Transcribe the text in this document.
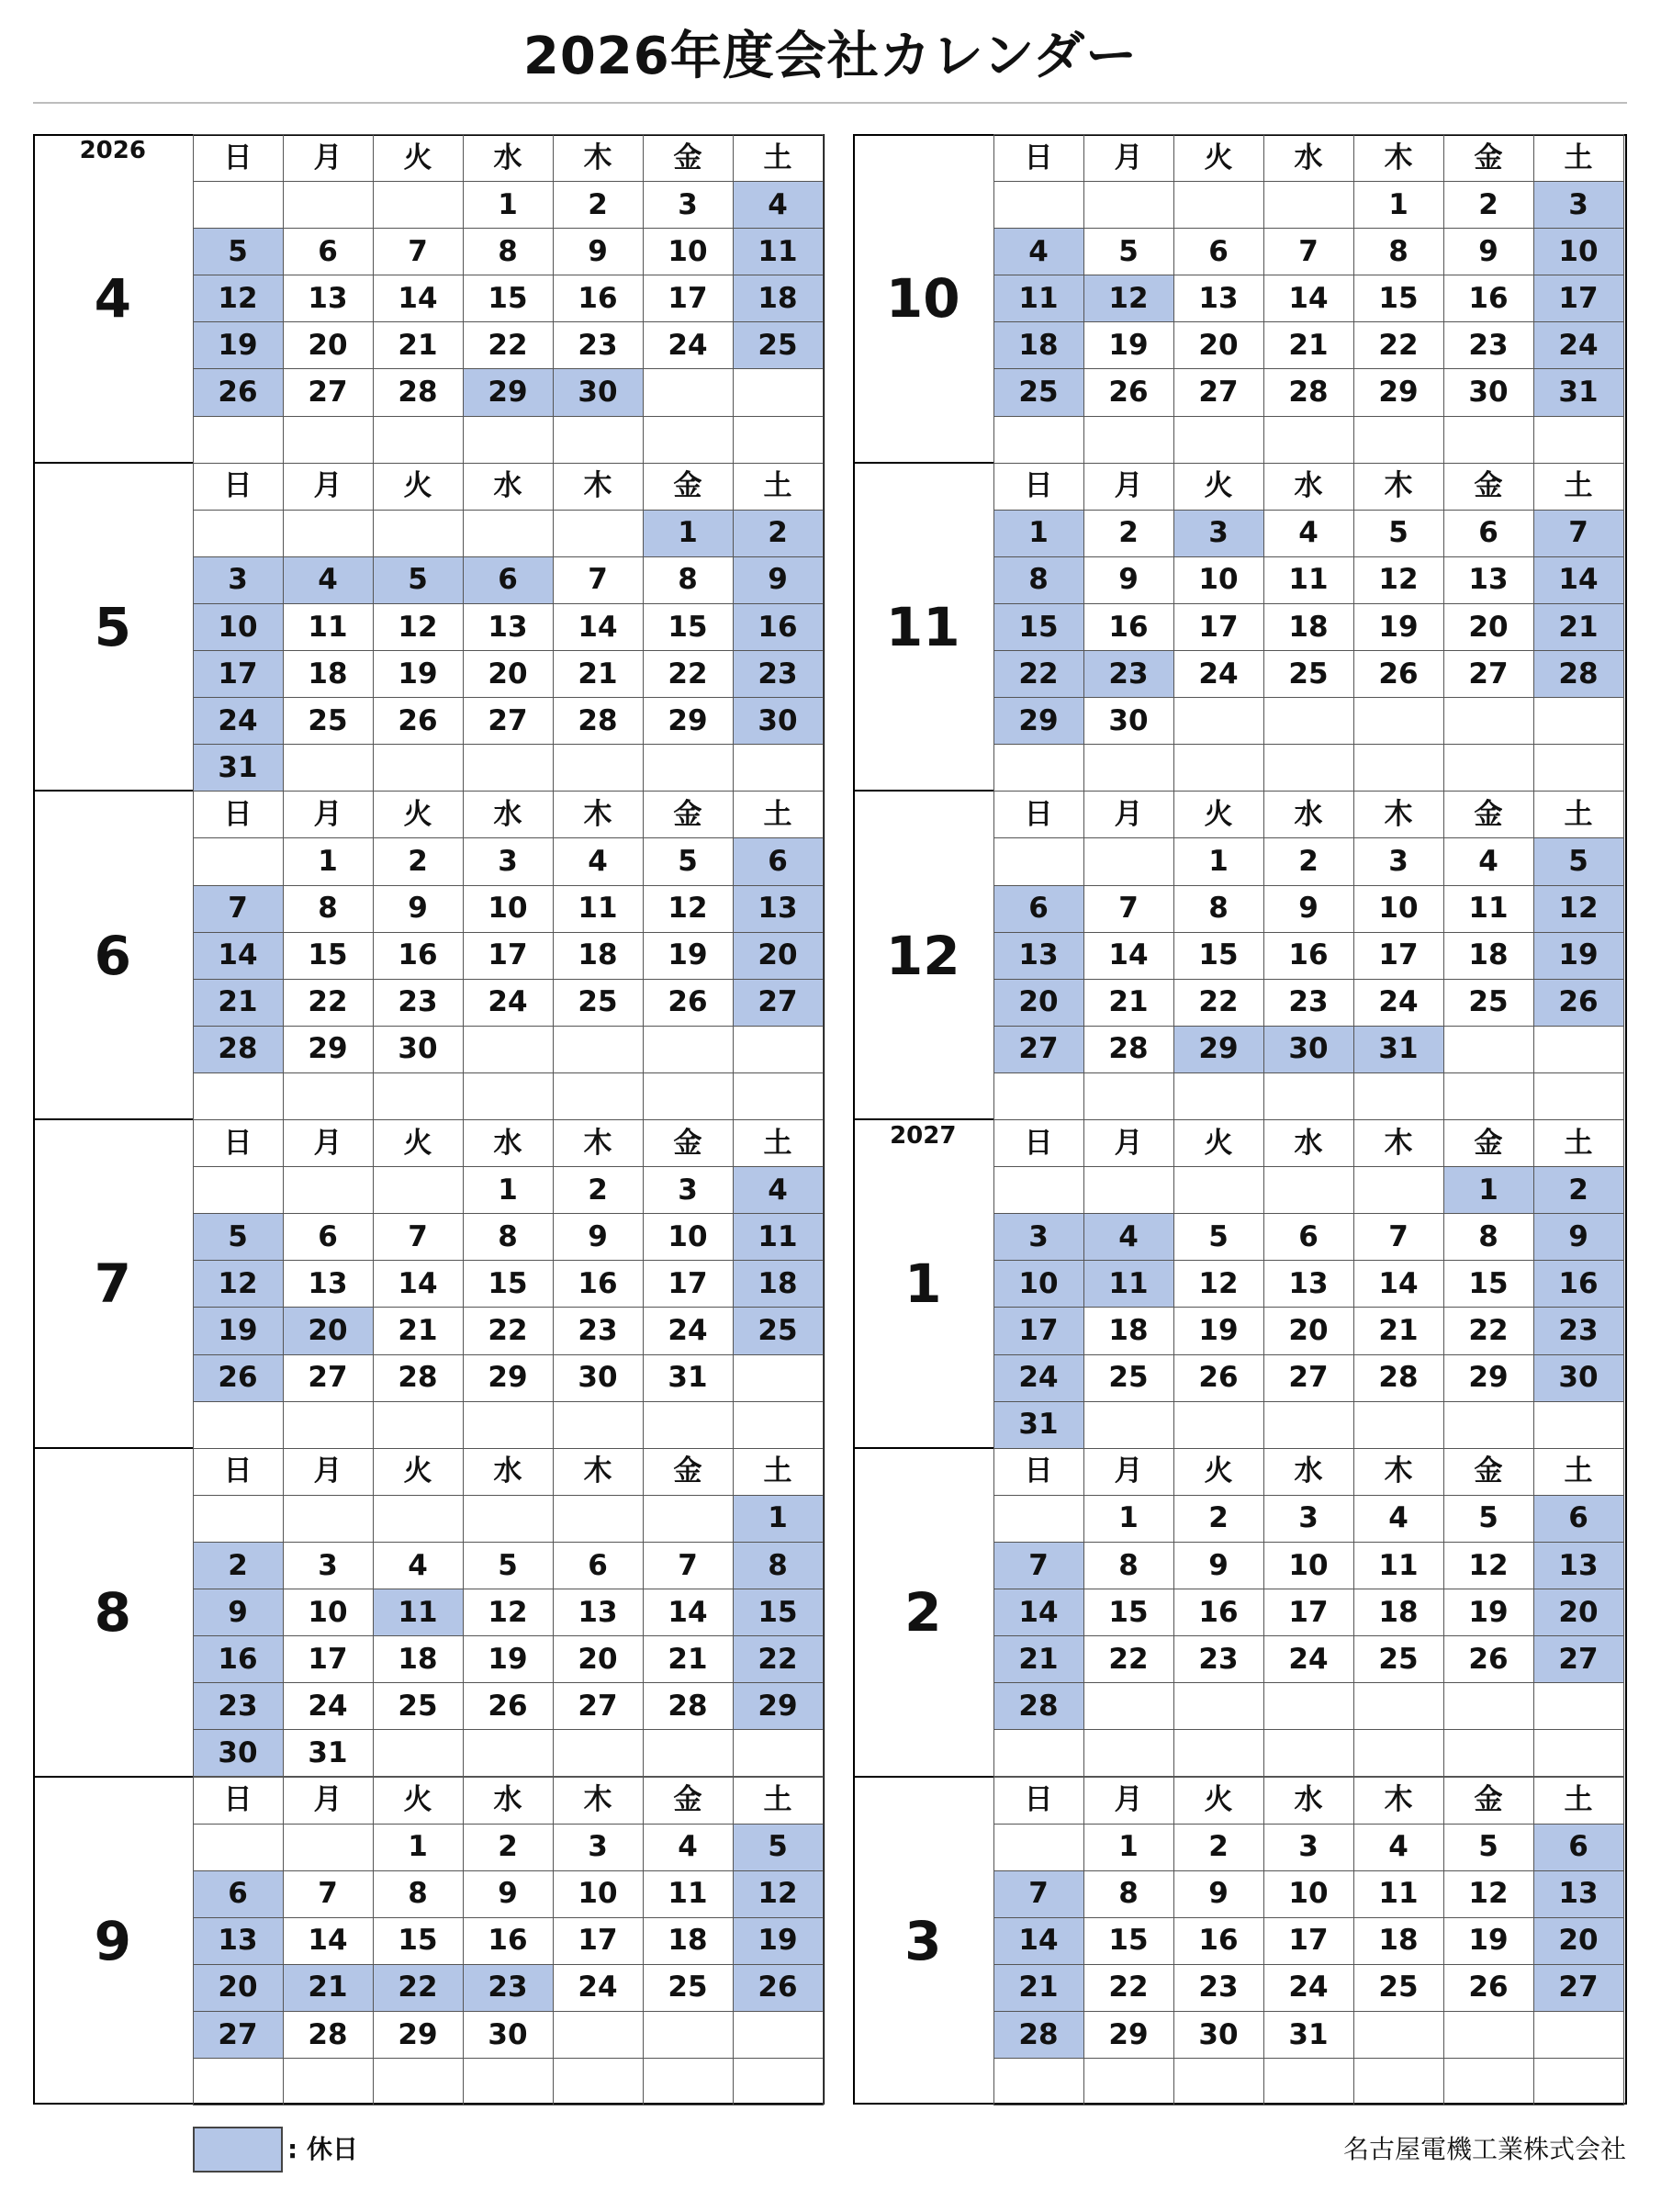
2026年度会社カレンダー
2026
4	日	月	火	水	木	金	土
				1	2	3	4
	5	6	7	8	9	10	11
	12	13	14	15	16	17	18
	19	20	21	22	23	24	25
	26	27	28	29	30		

5	日	月	火	水	木	金	土
						1	2
	3	4	5	6	7	8	9
	10	11	12	13	14	15	16
	17	18	19	20	21	22	23
	24	25	26	27	28	29	30
	31						
6	日	月	火	水	木	金	土
		1	2	3	4	5	6
	7	8	9	10	11	12	13
	14	15	16	17	18	19	20
	21	22	23	24	25	26	27
	28	29	30				

7	日	月	火	水	木	金	土
				1	2	3	4
	5	6	7	8	9	10	11
	12	13	14	15	16	17	18
	19	20	21	22	23	24	25
	26	27	28	29	30	31	

8	日	月	火	水	木	金	土
							1
	2	3	4	5	6	7	8
	9	10	11	12	13	14	15
	16	17	18	19	20	21	22
	23	24	25	26	27	28	29
	30	31					
9	日	月	火	水	木	金	土
			1	2	3	4	5
	6	7	8	9	10	11	12
	13	14	15	16	17	18	19
	20	21	22	23	24	25	26
	27	28	29	30			

10	日	月	火	水	木	金	土
					1	2	3
	4	5	6	7	8	9	10
	11	12	13	14	15	16	17
	18	19	20	21	22	23	24
	25	26	27	28	29	30	31

11	日	月	火	水	木	金	土
	1	2	3	4	5	6	7
	8	9	10	11	12	13	14
	15	16	17	18	19	20	21
	22	23	24	25	26	27	28
	29	30					

12	日	月	火	水	木	金	土
			1	2	3	4	5
	6	7	8	9	10	11	12
	13	14	15	16	17	18	19
	20	21	22	23	24	25	26
	27	28	29	30	31		

2027
1	日	月	火	水	木	金	土
						1	2
	3	4	5	6	7	8	9
	10	11	12	13	14	15	16
	17	18	19	20	21	22	23
	24	25	26	27	28	29	30
	31						
2	日	月	火	水	木	金	土
		1	2	3	4	5	6
	7	8	9	10	11	12	13
	14	15	16	17	18	19	20
	21	22	23	24	25	26	27
	28						

3	日	月	火	水	木	金	土
		1	2	3	4	5	6
	7	8	9	10	11	12	13
	14	15	16	17	18	19	20
	21	22	23	24	25	26	27
	28	29	30	31			

: 休日	名古屋電機工業株式会社
